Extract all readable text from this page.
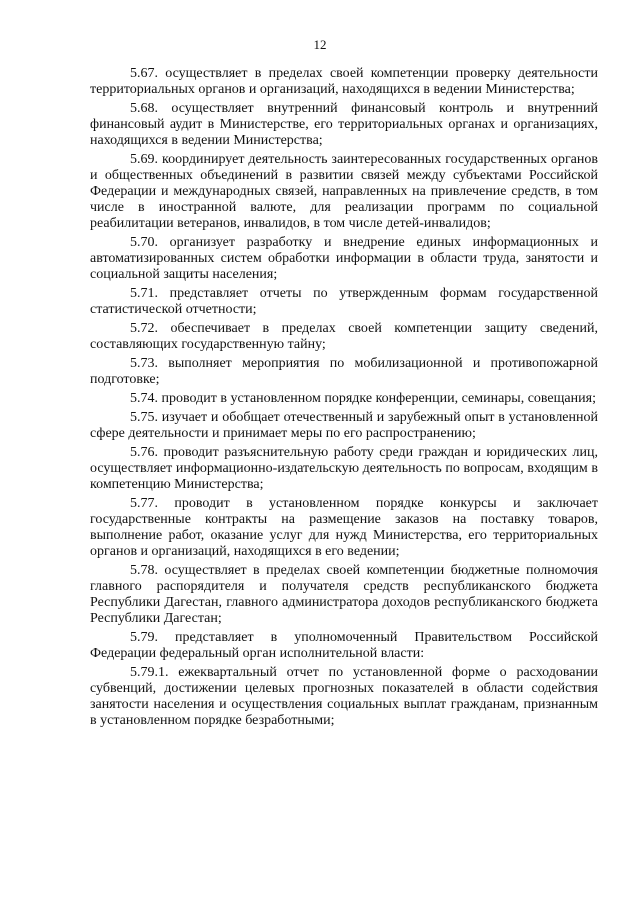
12

5.67. осуществляет в пределах своей компетенции проверку деятельности территориальных органов и организаций, находящихся в ведении Министерства;

5.68. осуществляет внутренний финансовый контроль и внутренний финансовый аудит в Министерстве, его территориальных органах и организациях, находящихся в ведении Министерства;

5.69. координирует деятельность заинтересованных государственных органов и общественных объединений в развитии связей между субъектами Российской Федерации и международных связей, направленных на привлечение средств, в том числе в иностранной валюте, для реализации программ по социальной реабилитации ветеранов, инвалидов, в том числе детей-инвалидов;

5.70. организует разработку и внедрение единых информационных и автоматизированных систем обработки информации в области труда, занятости и социальной защиты населения;

5.71. представляет отчеты по утвержденным формам государственной статистической отчетности;

5.72. обеспечивает в пределах своей компетенции защиту сведений, составляющих государственную тайну;

5.73. выполняет мероприятия по мобилизационной и противопожарной подготовке;

5.74. проводит в установленном порядке конференции, семинары, совещания;

5.75. изучает и обобщает отечественный и зарубежный опыт в установленной сфере деятельности и принимает меры по его распространению;

5.76. проводит разъяснительную работу среди граждан и юридических лиц, осуществляет информационно-издательскую деятельность по вопросам, входящим в компетенцию Министерства;

5.77. проводит в установленном порядке конкурсы и заключает государственные контракты на размещение заказов на поставку товаров, выполнение работ, оказание услуг для нужд Министерства, его территориальных органов и организаций, находящихся в его ведении;

5.78. осуществляет в пределах своей компетенции бюджетные полномочия главного распорядителя и получателя средств республиканского бюджета Республики Дагестан, главного администратора доходов республиканского бюджета Республики Дагестан;

5.79. представляет в уполномоченный Правительством Российской Федерации федеральный орган исполнительной власти:

5.79.1. ежеквартальный отчет по установленной форме о расходовании субвенций, достижении целевых прогнозных показателей в области содействия занятости населения и осуществления социальных выплат гражданам, признанным в установленном порядке безработными;
